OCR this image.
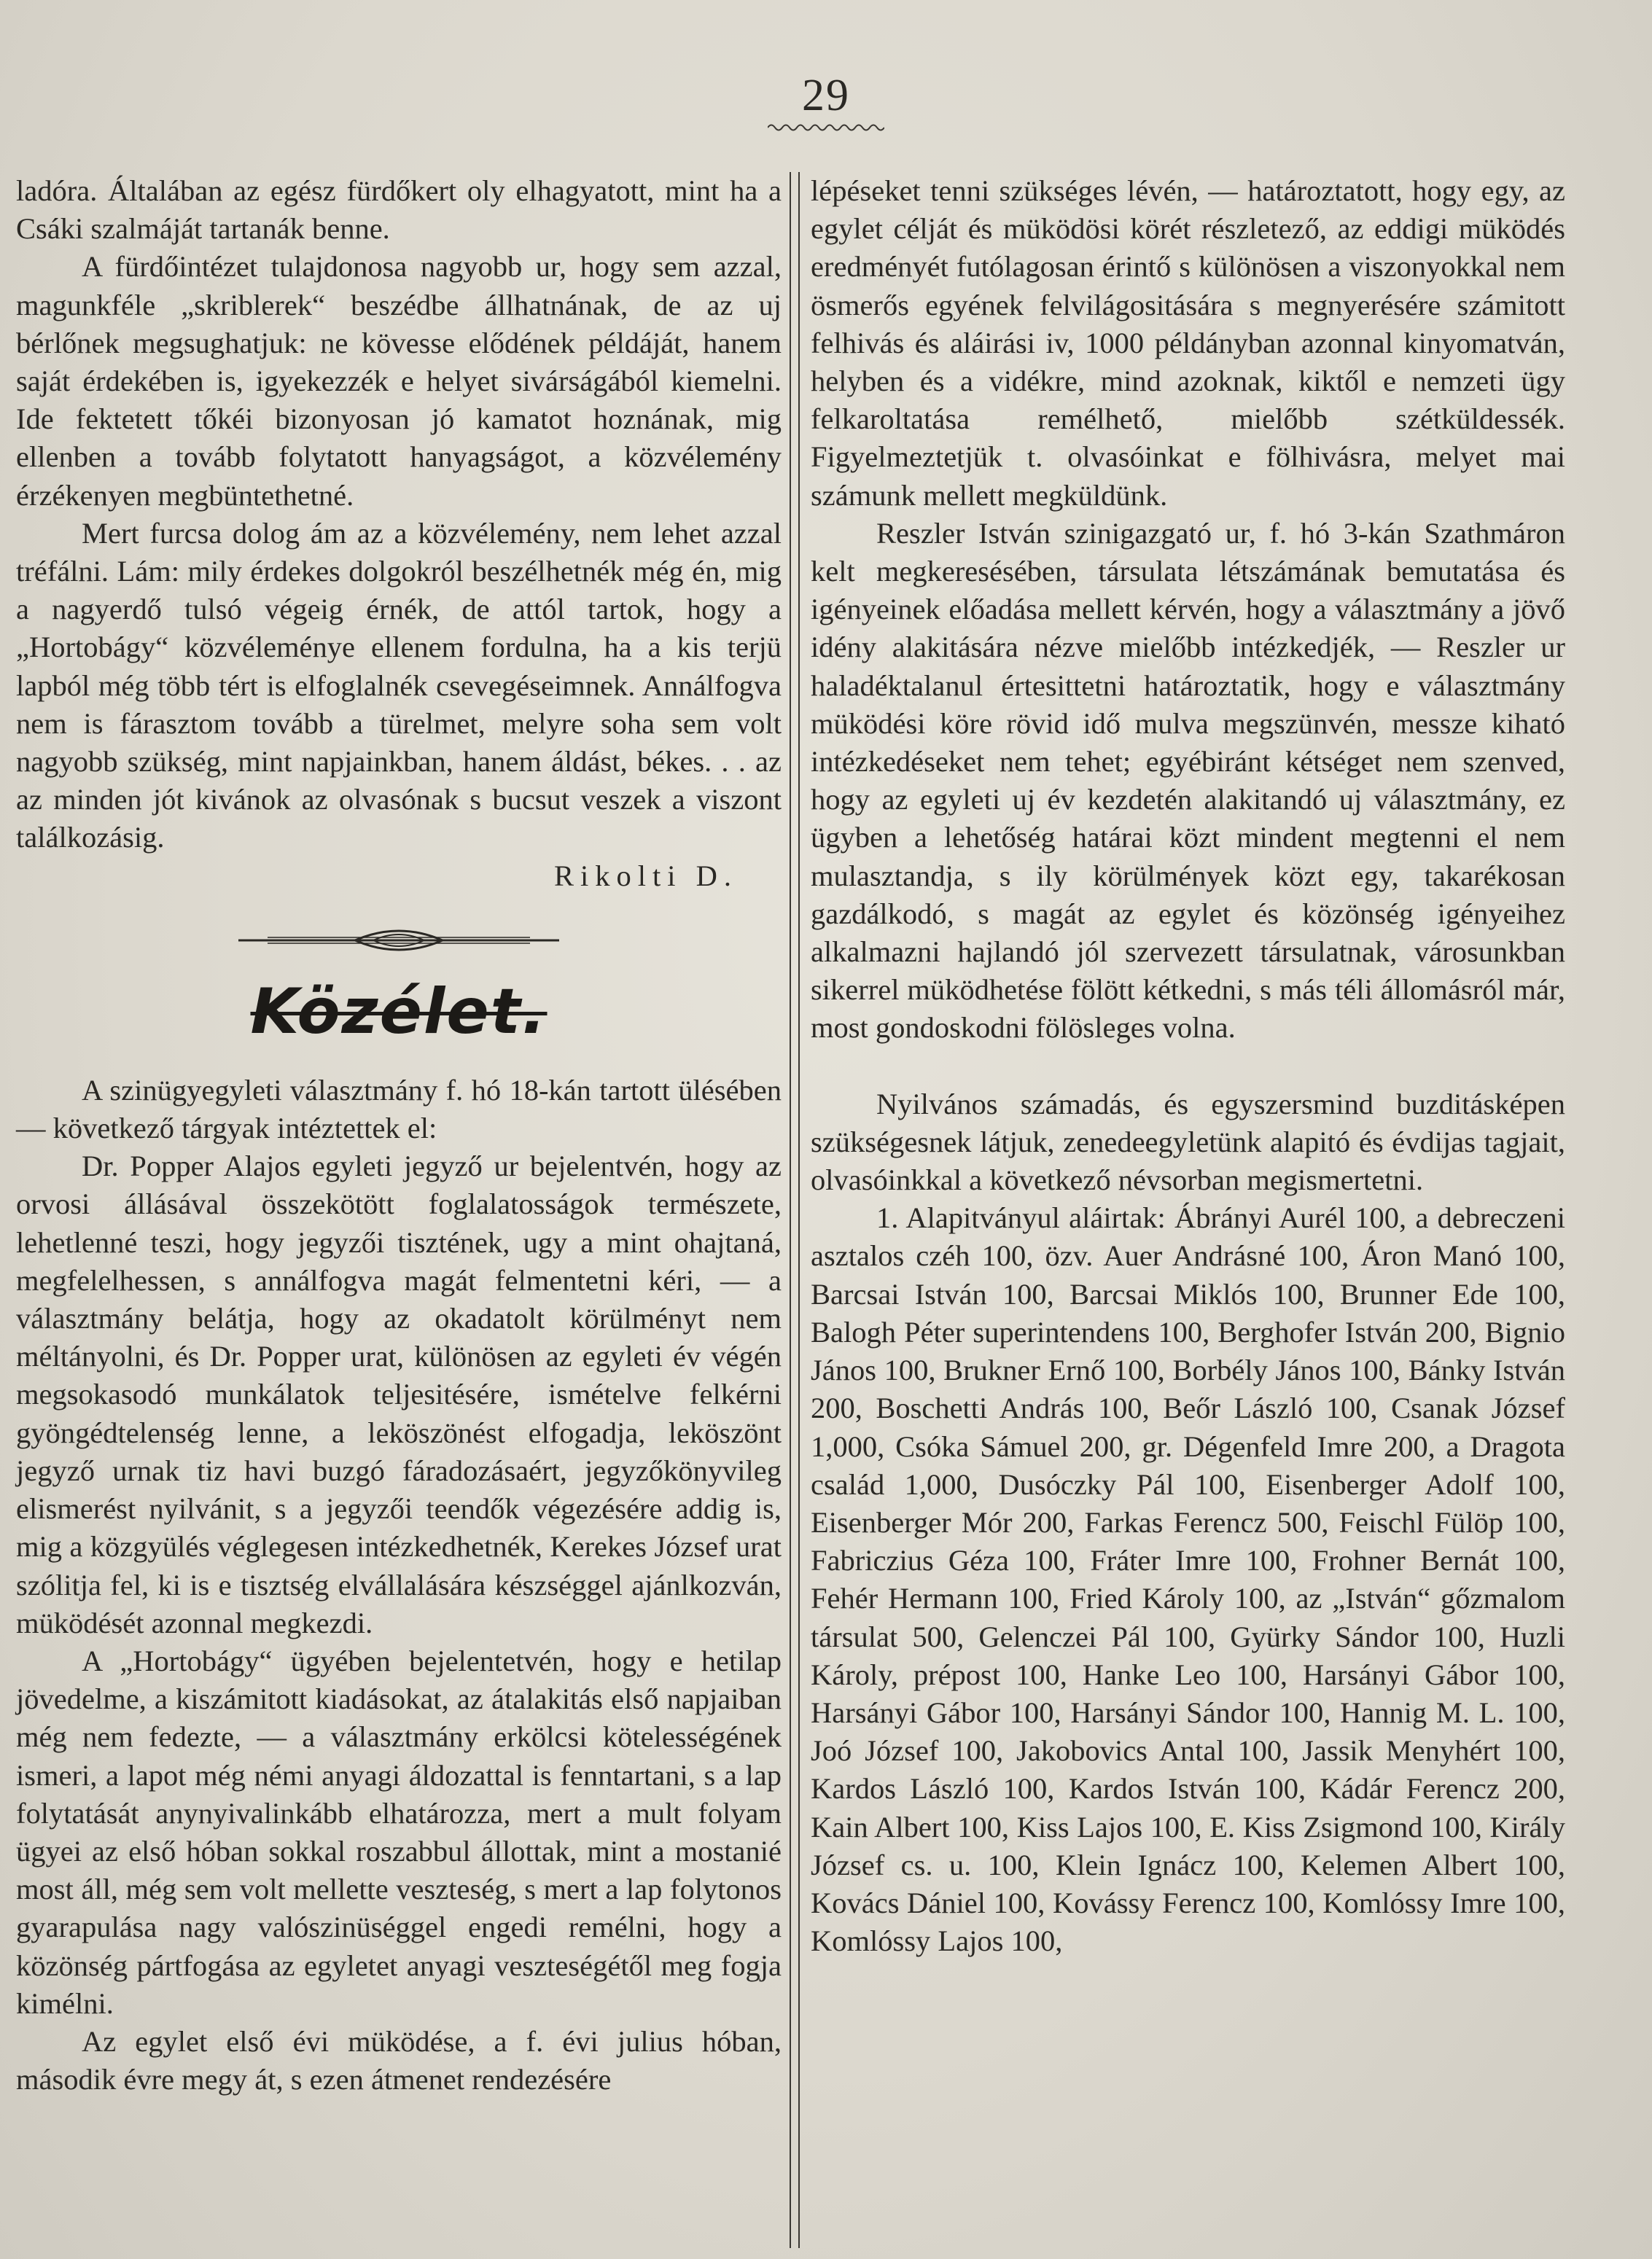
29

ladóra. Általában az egész fürdőkert oly elhagyatott, mint ha a Csáki szalmáját tartanák benne.

A fürdőintézet tulajdonosa nagyobb ur, hogy sem azzal, magunkféle „skriblerek“ beszédbe állhatnának, de az uj bérlőnek megsughatjuk: ne kövesse elődének példáját, hanem saját érdekében is, igyekezzék e helyet sivárságából kiemelni. Ide fektetett tőkéi bizonyosan jó kamatot hoznának, mig ellenben a tovább folytatott hanyagságot, a közvélemény érzékenyen megbüntethetné.

Mert furcsa dolog ám az a közvélemény, nem lehet azzal tréfálni. Lám: mily érdekes dolgokról beszélhetnék még én, mig a nagyerdő tulsó végeig érnék, de attól tartok, hogy a „Hortobágy“ közvéleménye ellenem fordulna, ha a kis terjü lapból még több tért is elfoglalnék csevegéseimnek. Annálfogva nem is fárasztom tovább a türelmet, melyre soha sem volt nagyobb szükség, mint napjainkban, hanem áldást, békes. . . az az minden jót kivánok az olvasónak s bucsut veszek a viszont találkozásig.

Rikolti D.

Közélet.

A szinügyegyleti választmány f. hó 18-kán tartott ülésében — következő tárgyak intéztettek el:

Dr. Popper Alajos egyleti jegyző ur bejelentvén, hogy az orvosi állásával összekötött foglalatosságok természete, lehetlenné teszi, hogy jegyzői tisztének, ugy a mint ohajtaná, megfelelhessen, s annálfogva magát felmentetni kéri, — a választmány belátja, hogy az okadatolt körülményt nem méltányolni, és Dr. Popper urat, különösen az egyleti év végén megsokasodó munkálatok teljesitésére, ismételve felkérni gyöngédtelenség lenne, a leköszönést elfogadja, leköszönt jegyző urnak tiz havi buzgó fáradozásaért, jegyzőkönyvileg elismerést nyilvánit, s a jegyzői teendők végezésére addig is, mig a közgyülés véglegesen intézkedhetnék, Kerekes József urat szólitja fel, ki is e tisztség elvállalására készséggel ajánlkozván, müködését azonnal megkezdi.

A „Hortobágy“ ügyében bejelentetvén, hogy e hetilap jövedelme, a kiszámitott kiadásokat, az átalakitás első napjaiban még nem fedezte, — a választmány erkölcsi kötelességének ismeri, a lapot még némi anyagi áldozattal is fenntartani, s a lap folytatását anynyivalinkább elhatározza, mert a mult folyam ügyei az első hóban sokkal roszabbul állottak, mint a mostanié most áll, még sem volt mellette veszteség, s mert a lap folytonos gyarapulása nagy valószinüséggel engedi remélni, hogy a közönség pártfogása az egyletet anyagi veszteségétől meg fogja kimélni.

Az egylet első évi müködése, a f. évi julius hóban, második évre megy át, s ezen átmenet rendezésére

lépéseket tenni szükséges lévén, — határoztatott, hogy egy, az egylet célját és müködösi körét részletező, az eddigi müködés eredményét futólagosan érintő s különösen a viszonyokkal nem ösmerős egyének felvilágositására s megnyerésére számitott felhivás és aláirási iv, 1000 példányban azonnal kinyomatván, helyben és a vidékre, mind azoknak, kiktől e nemzeti ügy felkaroltatása remélhető, mielőbb szétküldessék. Figyelmeztetjük t. olvasóinkat e fölhivásra, melyet mai számunk mellett megküldünk.

Reszler István szinigazgató ur, f. hó 3-kán Szathmáron kelt megkeresésében, társulata létszámának bemutatása és igényeinek előadása mellett kérvén, hogy a választmány a jövő idény alakitására nézve mielőbb intézkedjék, — Reszler ur haladéktalanul értesittetni határoztatik, hogy e választmány müködési köre rövid idő mulva megszünvén, messze kiható intézkedéseket nem tehet; egyébiránt kétséget nem szenved, hogy az egyleti uj év kezdetén alakitandó uj választmány, ez ügyben a lehetőség határai közt mindent megtenni el nem mulasztandja, s ily körülmények közt egy, takarékosan gazdálkodó, s magát az egylet és közönség igényeihez alkalmazni hajlandó jól szervezett társulatnak, városunkban sikerrel müködhetése fölött kétkedni, s más téli állomásról már, most gondoskodni fölösleges volna.

Nyilvános számadás, és egyszersmind buzditásképen szükségesnek látjuk, zenedeegyletünk alapitó és évdijas tagjait, olvasóinkkal a következő névsorban megismertetni.

1. Alapitványul aláirtak: Ábrányi Aurél 100, a debreczeni asztalos czéh 100, özv. Auer Andrásné 100, Áron Manó 100, Barcsai István 100, Barcsai Miklós 100, Brunner Ede 100, Balogh Péter superintendens 100, Berghofer István 200, Bignio János 100, Brukner Ernő 100, Borbély János 100, Bánky István 200, Boschetti András 100, Beőr László 100, Csanak József 1,000, Csóka Sámuel 200, gr. Dégenfeld Imre 200, a Dragota család 1,000, Dusóczky Pál 100, Eisenberger Adolf 100, Eisenberger Mór 200, Farkas Ferencz 500, Feischl Fülöp 100, Fabriczius Géza 100, Fráter Imre 100, Frohner Bernát 100, Fehér Hermann 100, Fried Károly 100, az „István“ gőzmalom társulat 500, Gelenczei Pál 100, Gyürky Sándor 100, Huzli Károly, prépost 100, Hanke Leo 100, Harsányi Gábor 100, Harsányi Gábor 100, Harsányi Sándor 100, Hannig M. L. 100, Joó József 100, Jakobovics Antal 100, Jassik Menyhért 100, Kardos László 100, Kardos István 100, Kádár Ferencz 200, Kain Albert 100, Kiss Lajos 100, E. Kiss Zsigmond 100, Király József cs. u. 100, Klein Ignácz 100, Kelemen Albert 100, Kovács Dániel 100, Kovássy Ferencz 100, Komlóssy Imre 100, Komlóssy Lajos 100,
